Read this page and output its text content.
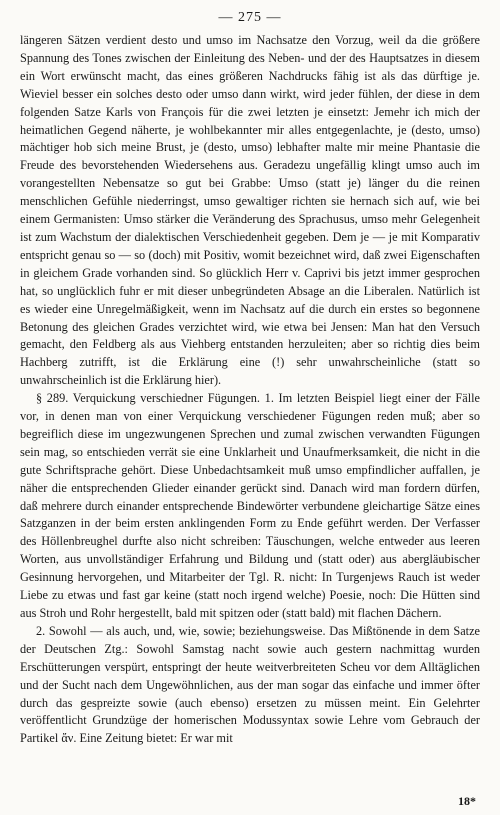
— 275 —

längeren Sätzen verdient desto und umso im Nachsatze den Vorzug, weil da die größere Spannung des Tones zwischen der Einleitung des Neben- und der des Hauptsatzes in diesem ein Wort erwünscht macht, das eines größeren Nachdrucks fähig ist als das dürftige je. Wieviel besser ein solches desto oder umso dann wirkt, wird jeder fühlen, der diese in dem folgenden Satze Karls von François für die zwei letzten je einsetzt: Jemehr ich mich der heimatlichen Gegend näherte, je wohlbekannter mir alles entgegenlachte, je (desto, umso) mächtiger hob sich meine Brust, je (desto, umso) lebhafter malte mir meine Phantasie die Freude des bevorstehenden Wiedersehens aus. Geradezu ungefällig klingt umso auch im vorangestellten Nebensatze so gut bei Grabbe: Umso (statt je) länger du die reinen menschlichen Gefühle niederringst, umso gewaltiger richten sie hernach sich auf, wie bei einem Germanisten: Umso stärker die Veränderung des Sprachusus, umso mehr Gelegenheit ist zum Wachstum der dialektischen Verschiedenheit gegeben. Dem je — je mit Komparativ entspricht genau so — so (doch) mit Positiv, womit bezeichnet wird, daß zwei Eigenschaften in gleichem Grade vorhanden sind. So glücklich Herr v. Caprivi bis jetzt immer gesprochen hat, so unglücklich fuhr er mit dieser unbegründeten Absage an die Liberalen. Natürlich ist es wieder eine Unregelmäßigkeit, wenn im Nachsatz auf die durch ein erstes so begonnene Betonung des gleichen Grades verzichtet wird, wie etwa bei Jensen: Man hat den Versuch gemacht, den Feldberg als aus Viehberg entstanden herzuleiten; aber so richtig dies beim Hachberg zutrifft, ist die Erklärung eine (!) sehr unwahrscheinliche (statt so unwahrscheinlich ist die Erklärung hier).

§ 289. Verquickung verschiedner Fügungen. 1. Im letzten Beispiel liegt einer der Fälle vor, in denen man von einer Verquickung verschiedener Fügungen reden muß; aber so begreiflich diese im ungezwungenen Sprechen und zumal zwischen verwandten Fügungen sein mag, so entschieden verrät sie eine Unklarheit und Unaufmerksamkeit, die nicht in die gute Schriftsprache gehört. Diese Unbedachtsamkeit muß umso empfindlicher auffallen, je näher die entsprechenden Glieder einander gerückt sind. Danach wird man fordern dürfen, daß mehrere durch einander entsprechende Bindewörter verbundene gleichartige Sätze eines Satzganzen in der beim ersten anklingenden Form zu Ende geführt werden. Der Verfasser des Höllenbreughel durfte also nicht schreiben: Täuschungen, welche entweder aus leeren Worten, aus unvollständiger Erfahrung und Bildung und (statt oder) aus abergläubischer Gesinnung hervorgehen, und Mitarbeiter der Tgl. R. nicht: In Turgenjews Rauch ist weder Liebe zu etwas und fast gar keine (statt noch irgend welche) Poesie, noch: Die Hütten sind aus Stroh und Rohr hergestellt, bald mit spitzen oder (statt bald) mit flachen Dächern.

2. Sowohl — als auch, und, wie, sowie; beziehungsweise. Das Mißtönende in dem Satze der Deutschen Ztg.: Sowohl Samstag nacht sowie auch gestern nachmittag wurden Erschütterungen verspürt, entspringt der heute weitverbreiteten Scheu vor dem Alltäglichen und der Sucht nach dem Ungewöhnlichen, aus der man sogar das einfache und immer öfter durch das gespreizte sowie (auch ebenso) ersetzen zu müssen meint. Ein Gelehrter veröffentlicht Grundzüge der homerischen Modussyntax sowie Lehre vom Gebrauch der Partikel ἄν. Eine Zeitung bietet: Er war mit

18*
